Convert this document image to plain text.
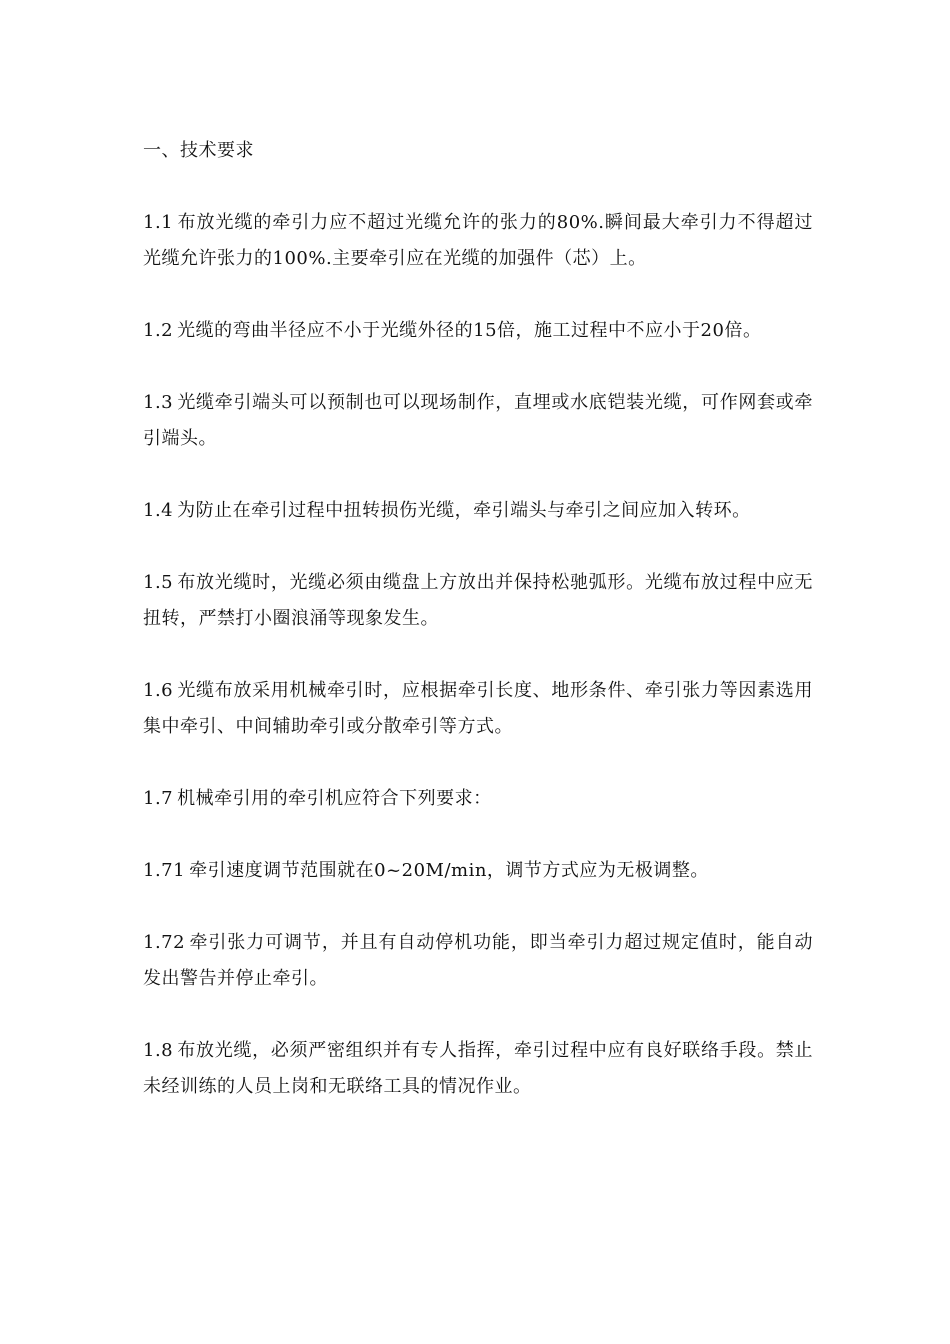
一、技术要求

1.1 布放光缆的牵引力应不超过光缆允许的张力的80%.瞬间最大牵引力不得超过光缆允许张力的100%.主要牵引应在光缆的加强件（芯）上。

1.2 光缆的弯曲半径应不小于光缆外径的15倍，施工过程中不应小于20倍。

1.3 光缆牵引端头可以预制也可以现场制作，直埋或水底铠装光缆，可作网套或牵引端头。

1.4 为防止在牵引过程中扭转损伤光缆，牵引端头与牵引之间应加入转环。

1.5 布放光缆时，光缆必须由缆盘上方放出并保持松驰弧形。光缆布放过程中应无扭转，严禁打小圈浪涌等现象发生。

1.6 光缆布放采用机械牵引时，应根据牵引长度、地形条件、牵引张力等因素选用集中牵引、中间辅助牵引或分散牵引等方式。

1.7 机械牵引用的牵引机应符合下列要求：

1.71 牵引速度调节范围就在0~20M/min，调节方式应为无极调整。

1.72 牵引张力可调节，并且有自动停机功能，即当牵引力超过规定值时，能自动发出警告并停止牵引。

1.8 布放光缆，必须严密组织并有专人指挥，牵引过程中应有良好联络手段。禁止未经训练的人员上岗和无联络工具的情况作业。
